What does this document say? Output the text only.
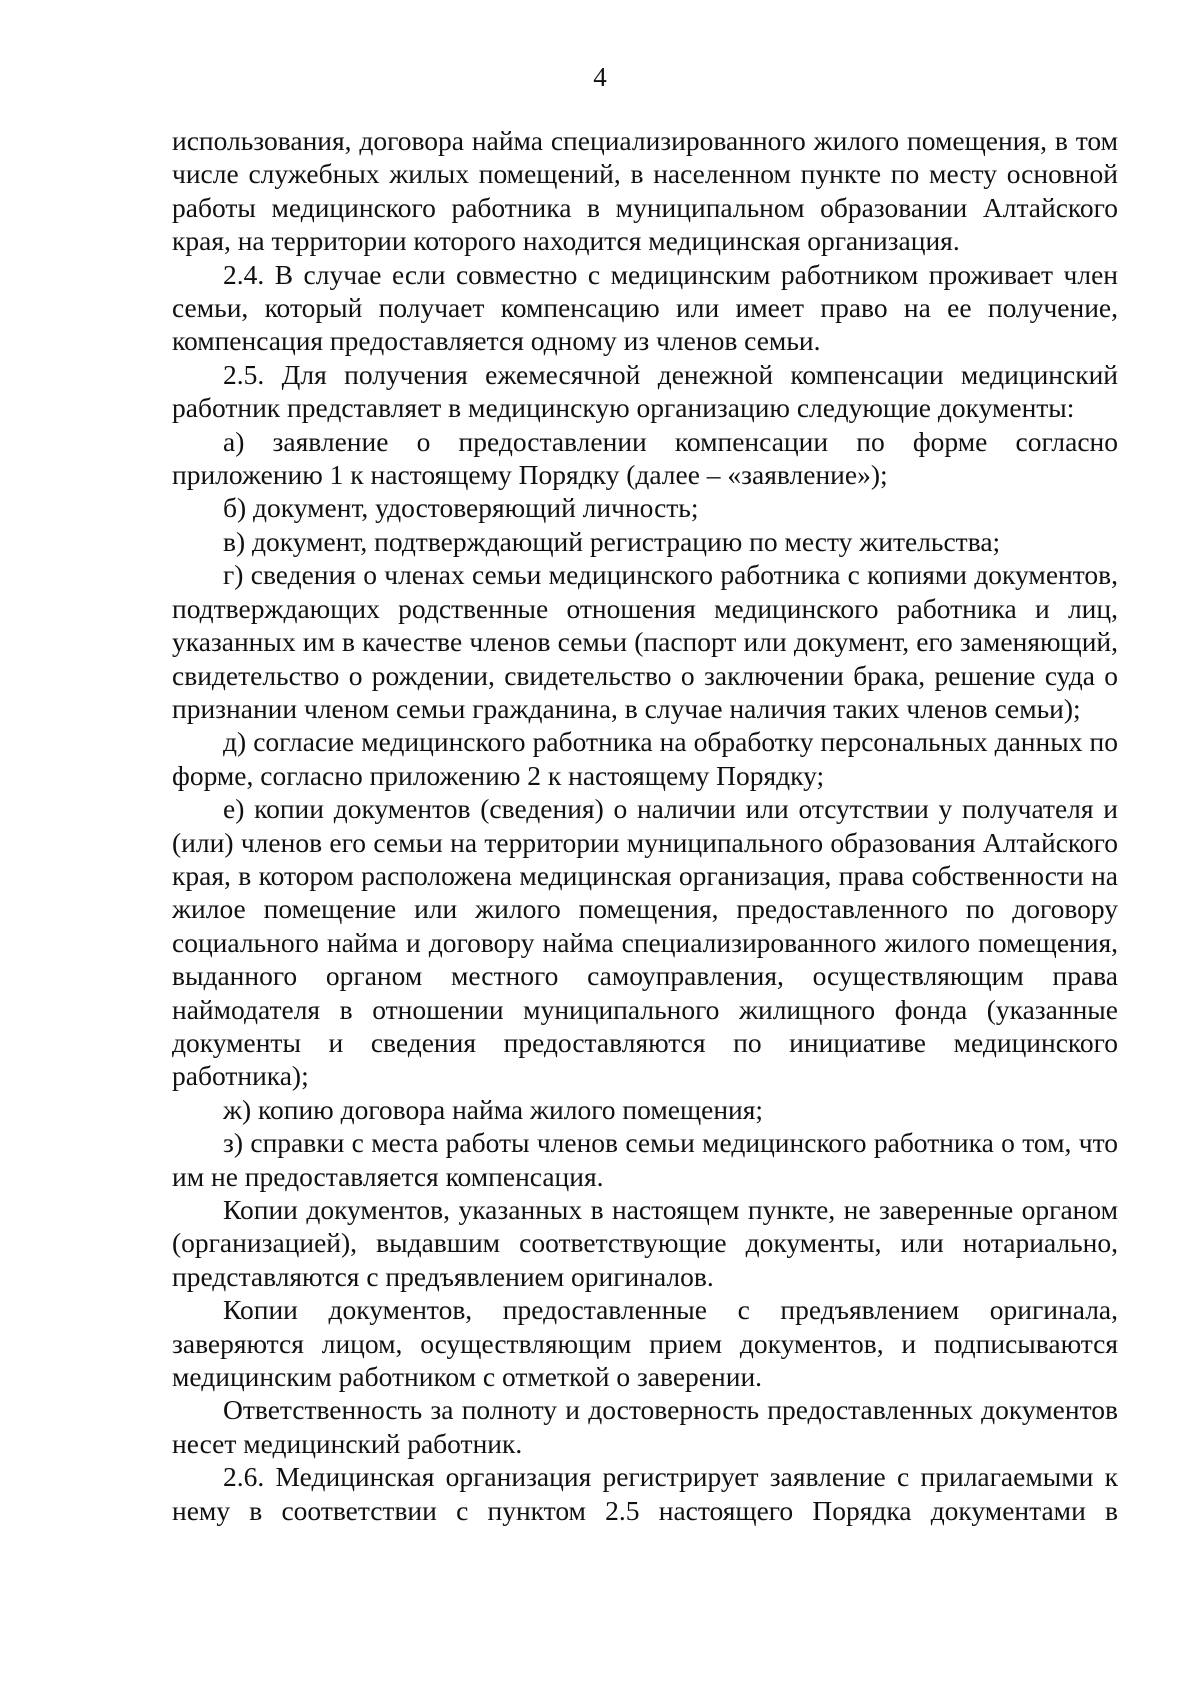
4

использования, договора найма специализированного жилого помещения, в том числе служебных жилых помещений, в населенном пункте по месту основной работы медицинского работника в муниципальном образовании Алтайского края, на территории которого находится медицинская организация.

2.4. В случае если совместно с медицинским работником проживает член семьи, который получает компенсацию или имеет право на ее получение, компенсация предоставляется одному из членов семьи.

2.5. Для получения ежемесячной денежной компенсации медицинский работник представляет в медицинскую организацию следующие документы:

а) заявление о предоставлении компенсации по форме согласно приложению 1 к настоящему Порядку (далее – «заявление»);

б) документ, удостоверяющий личность;

в) документ, подтверждающий регистрацию по месту жительства;

г) сведения о членах семьи медицинского работника с копиями документов, подтверждающих родственные отношения медицинского работника и лиц, указанных им в качестве членов семьи (паспорт или документ, его заменяющий, свидетельство о рождении, свидетельство о заключении брака, решение суда о признании членом семьи гражданина, в случае наличия таких членов семьи);

д) согласие медицинского работника на обработку персональных данных по форме, согласно приложению 2 к настоящему Порядку;

е) копии документов (сведения) о наличии или отсутствии у получателя и (или) членов его семьи на территории муниципального образования Алтайского края, в котором расположена медицинская организация, права собственности на жилое помещение или жилого помещения, предоставленного по договору социального найма и договору найма специализированного жилого помещения, выданного органом местного самоуправления, осуществляющим права наймодателя в отношении муниципального жилищного фонда (указанные документы и сведения предоставляются по инициативе медицинского работника);

ж) копию договора найма жилого помещения;

з) справки с места работы членов семьи медицинского работника о том, что им не предоставляется компенсация.

Копии документов, указанных в настоящем пункте, не заверенные органом (организацией), выдавшим соответствующие документы, или нотариально, представляются с предъявлением оригиналов.

Копии документов, предоставленные с предъявлением оригинала, заверяются лицом, осуществляющим прием документов, и подписываются медицинским работником с отметкой о заверении.

Ответственность за полноту и достоверность предоставленных документов несет медицинский работник.

2.6. Медицинская организация регистрирует заявление с прилагаемыми к нему в соответствии с пунктом 2.5 настоящего Порядка документами в
